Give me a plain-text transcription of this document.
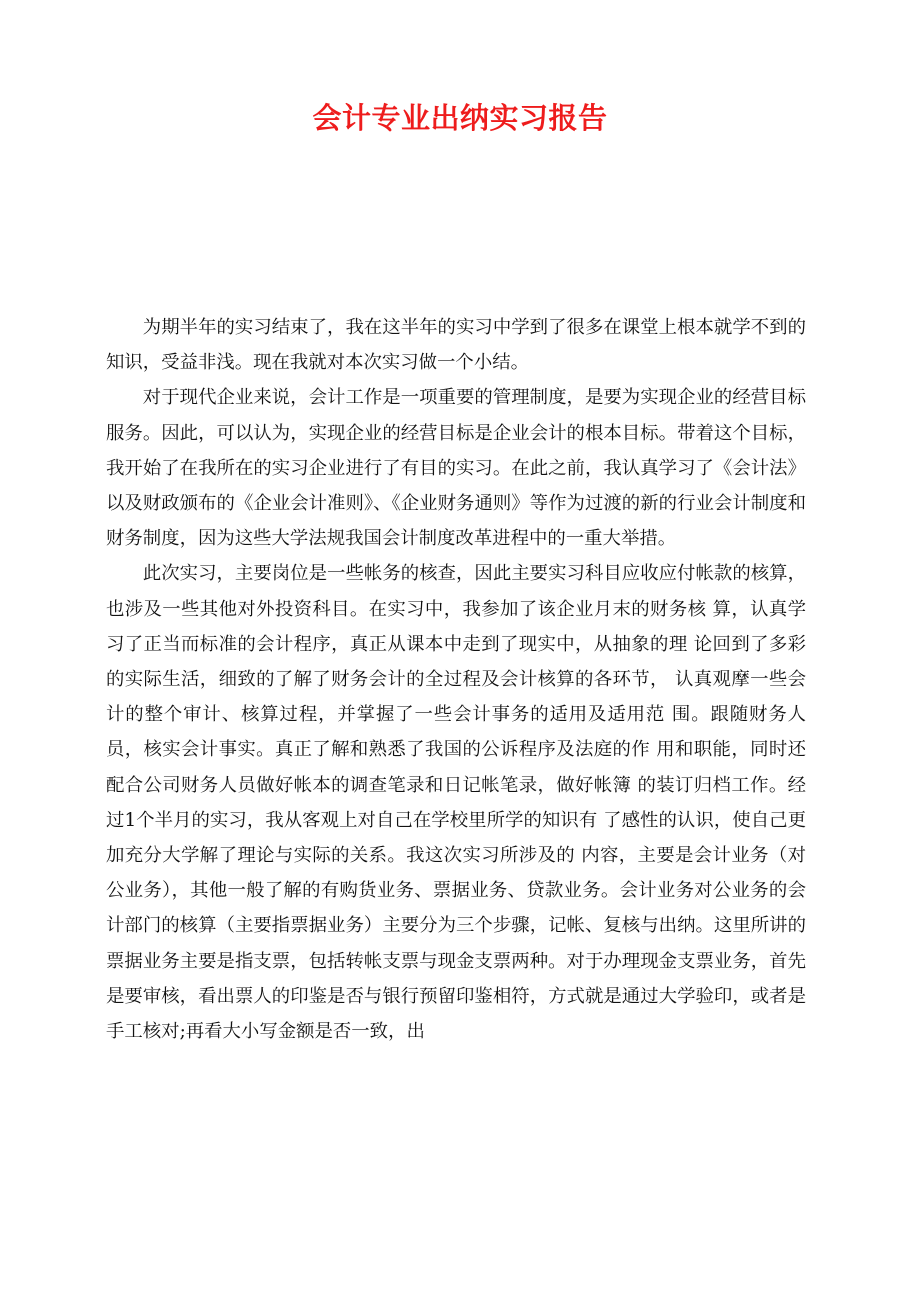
会计专业出纳实习报告

为期半年的实习结束了，我在这半年的实习中学到了很多在课堂上根本就学不到的知识，受益非浅。现在我就对本次实习做一个小结。

对于现代企业来说，会计工作是一项重要的管理制度，是要为实现企业的经营目标服务。因此，可以认为，实现企业的经营目标是企业会计的根本目标。带着这个目标，我开始了在我所在的实习企业进行了有目的实习。在此之前，我认真学习了《会计法》以及财政颁布的《企业会计准则》、《企业财务通则》等作为过渡的新的行业会计制度和财务制度，因为这些大学法规我国会计制度改革进程中的一重大举措。

此次实习，主要岗位是一些帐务的核查，因此主要实习科目应收应付帐款的核算，也涉及一些其他对外投资科目。在实习中，我参加了该企业月末的财务核 算，认真学习了正当而标准的会计程序，真正从课本中走到了现实中，从抽象的理 论回到了多彩的实际生活，细致的了解了财务会计的全过程及会计核算的各环节， 认真观摩一些会计的整个审计、核算过程，并掌握了一些会计事务的适用及适用范 围。跟随财务人员，核实会计事实。真正了解和熟悉了我国的公诉程序及法庭的作 用和职能，同时还配合公司财务人员做好帐本的调查笔录和日记帐笔录，做好帐簿 的装订归档工作。经过1个半月的实习，我从客观上对自己在学校里所学的知识有 了感性的认识，使自己更加充分大学解了理论与实际的关系。我这次实习所涉及的 内容，主要是会计业务（对公业务），其他一般了解的有购货业务、票据业务、贷款业务。会计业务对公业务的会计部门的核算（主要指票据业务）主要分为三个步骤，记帐、复核与出纳。这里所讲的票据业务主要是指支票，包括转帐支票与现金支票两种。对于办理现金支票业务，首先是要审核，看出票人的印鉴是否与银行预留印鉴相符，方式就是通过大学验印，或者是手工核对;再看大小写金额是否一致，出
